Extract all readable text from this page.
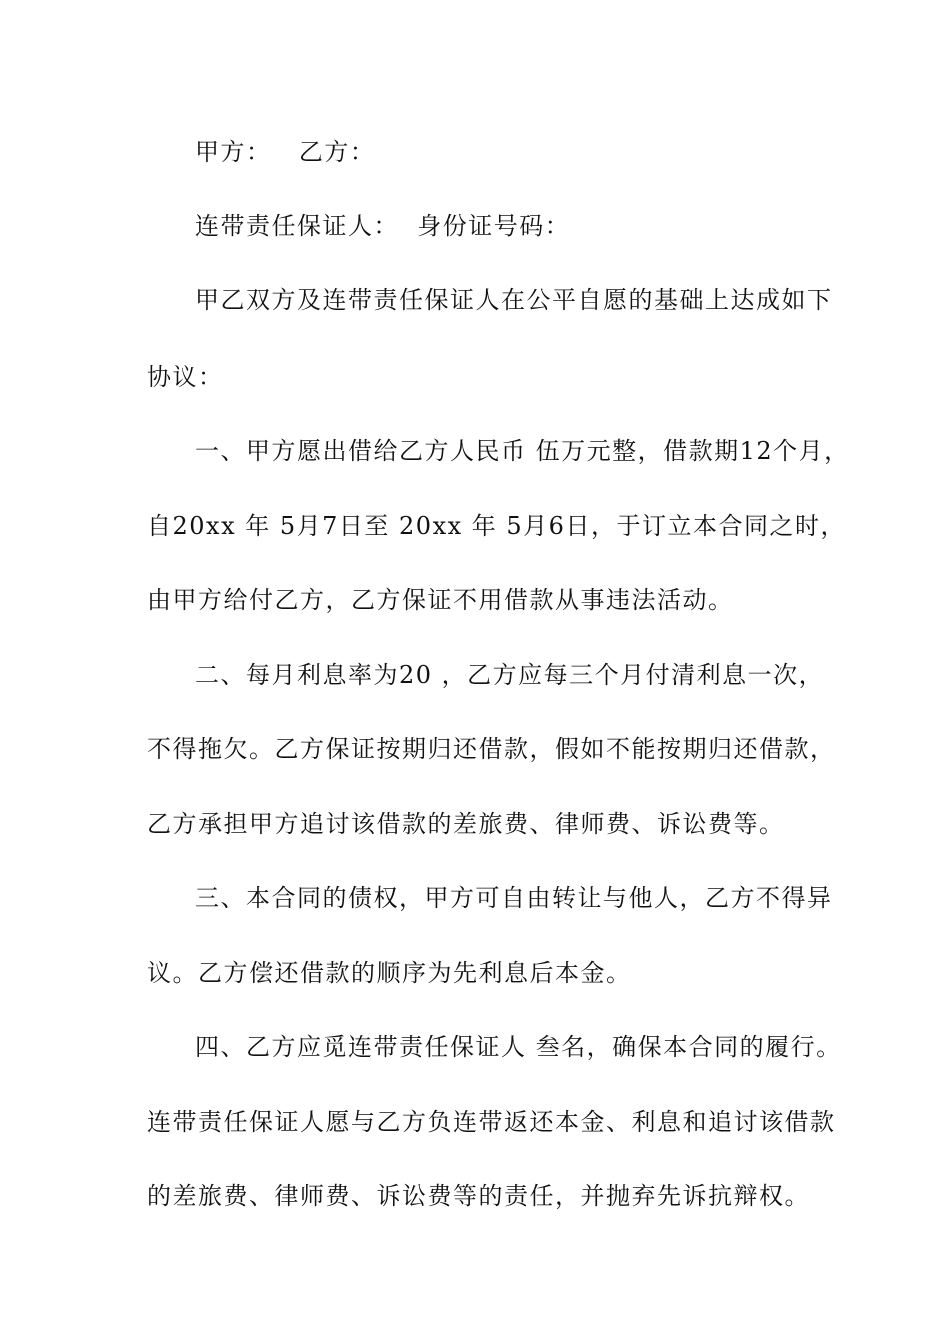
甲方：   乙方：
连带责任保证人：  身份证号码：
甲乙双方及连带责任保证人在公平自愿的基础上达成如下
协议：
一、甲方愿出借给乙方人民币 伍万元整，借款期12个月，
自20xx 年 5月7日至 20xx 年 5月6日，于订立本合同之时，
由甲方给付乙方，乙方保证不用借款从事违法活动。
二、每月利息率为20 ，乙方应每三个月付清利息一次，
不得拖欠。乙方保证按期归还借款，假如不能按期归还借款，
乙方承担甲方追讨该借款的差旅费、律师费、诉讼费等。
三、本合同的债权，甲方可自由转让与他人，乙方不得异
议。乙方偿还借款的顺序为先利息后本金。
四、乙方应觅连带责任保证人 叁名，确保本合同的履行。
连带责任保证人愿与乙方负连带返还本金、利息和追讨该借款
的差旅费、律师费、诉讼费等的责任，并抛弃先诉抗辩权。
